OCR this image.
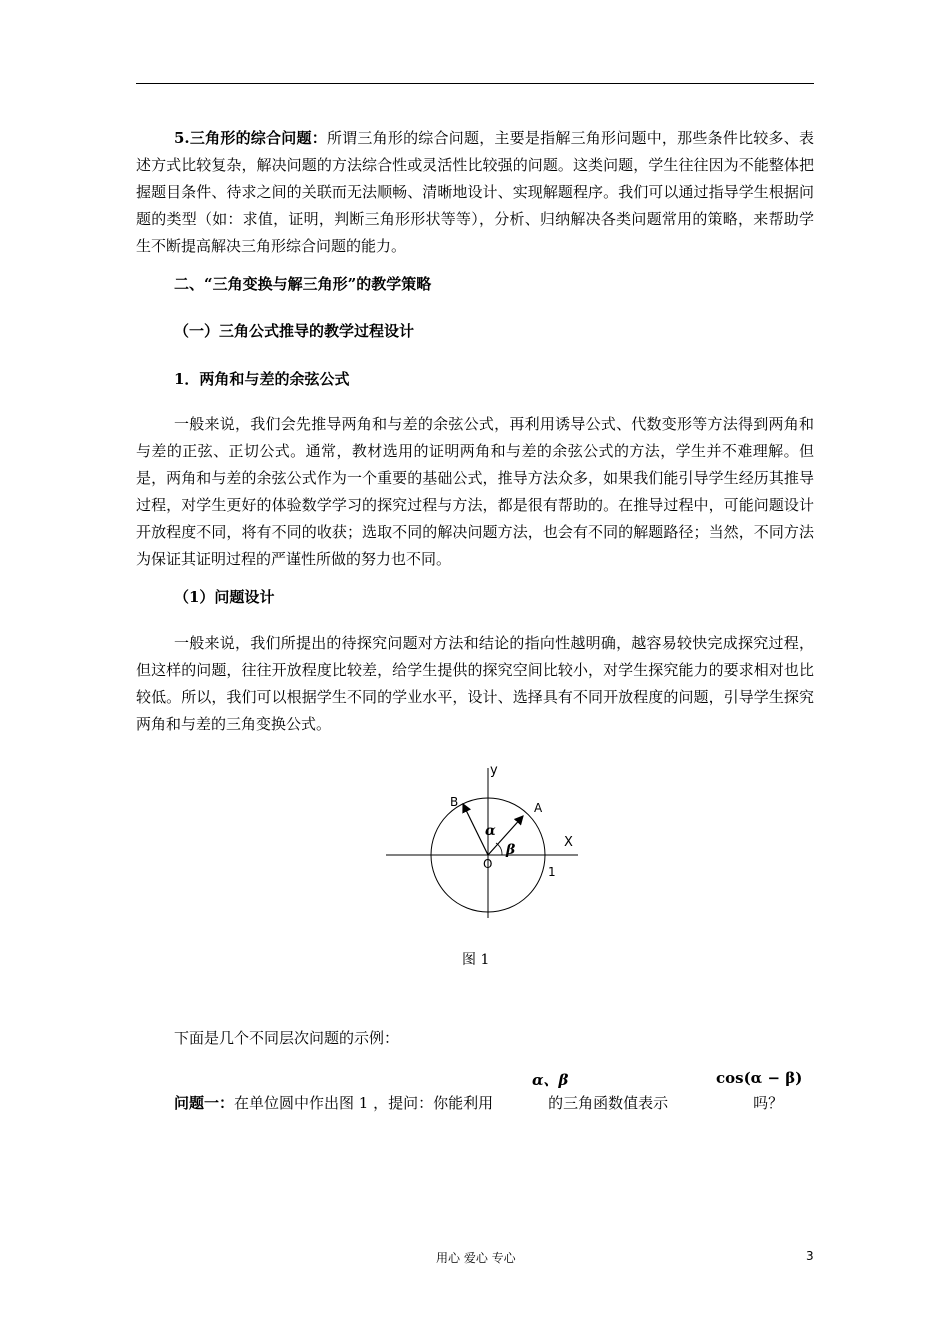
5.三角形的综合问题：所谓三角形的综合问题，主要是指解三角形问题中，那些条件比较多、表述方式比较复杂，解决问题的方法综合性或灵活性比较强的问题。这类问题，学生往往因为不能整体把握题目条件、待求之间的关联而无法顺畅、清晰地设计、实现解题程序。我们可以通过指导学生根据问题的类型（如：求值，证明，判断三角形形状等等），分析、归纳解决各类问题常用的策略，来帮助学生不断提高解决三角形综合问题的能力。

二、“三角变换与解三角形”的教学策略
（一）三角公式推导的教学过程设计
1．两角和与差的余弦公式

一般来说，我们会先推导两角和与差的余弦公式，再利用诱导公式、代数变形等方法得到两角和与差的正弦、正切公式。通常，教材选用的证明两角和与差的余弦公式的方法，学生并不难理解。但是，两角和与差的余弦公式作为一个重要的基础公式，推导方法众多，如果我们能引导学生经历其推导过程，对学生更好的体验数学学习的探究过程与方法，都是很有帮助的。在推导过程中，可能问题设计开放程度不同，将有不同的收获；选取不同的解决问题方法，也会有不同的解题路径；当然，不同方法为保证其证明过程的严谨性所做的努力也不同。

（1）问题设计

一般来说，我们所提出的待探究问题对方法和结论的指向性越明确，越容易较快完成探究过程，但这样的问题，往往开放程度比较差，给学生提供的探究空间比较小，对学生探究能力的要求相对也比较低。所以，我们可以根据学生不同的学业水平，设计、选择具有不同开放程度的问题，引导学生探究两角和与差的三角变换公式。

y
X
O
1
A
B
α
β
图 1
下面是几个不同层次问题的示例：
α、β	cos(α − β)
问题一：在单位圆中作出图 1 ，提问：你能利用	的三角函数值表示	吗？
用心 爱心 专心	3
